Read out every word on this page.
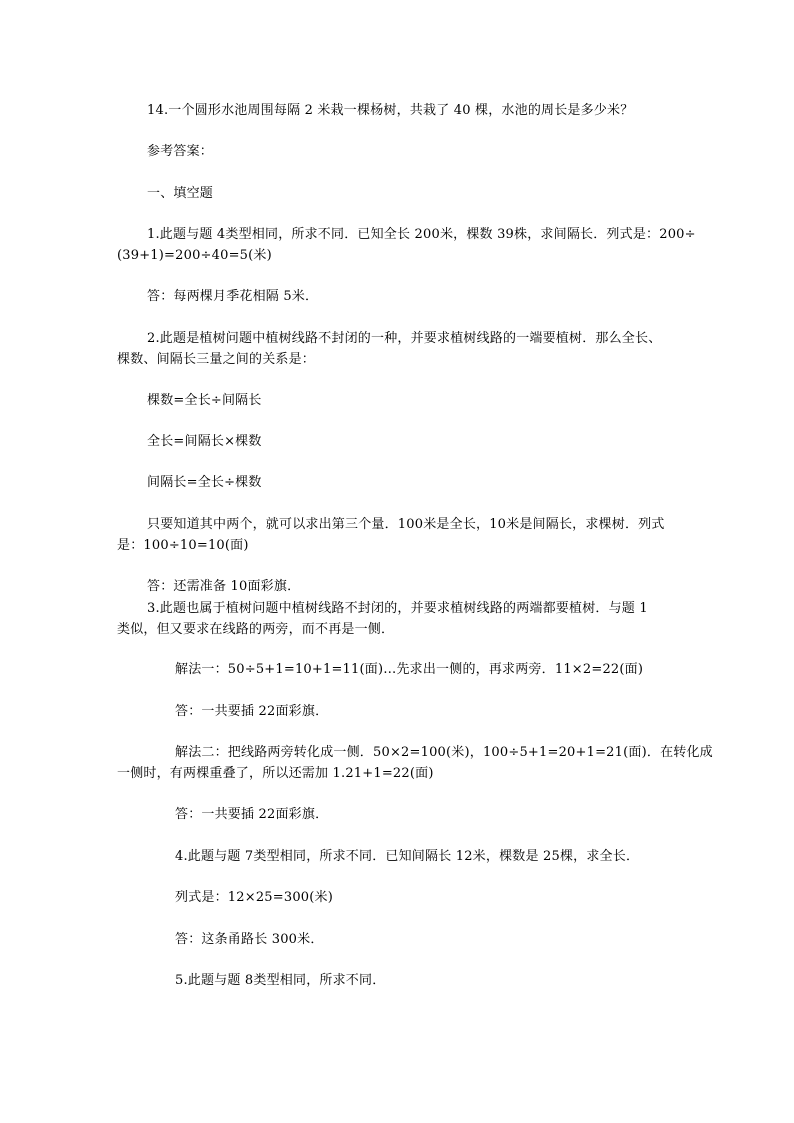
14.一个圆形水池周围每隔 2 米栽一棵杨树，共栽了 40 棵，水池的周长是多少米？
参考答案：
一、填空题
1.此题与题 4类型相同，所求不同．已知全长 200米，棵数 39株，求间隔长．列式是：200÷
(39+1)=200÷40=5(米)
答：每两棵月季花相隔 5米．
2.此题是植树问题中植树线路不封闭的一种，并要求植树线路的一端要植树．那么全长、
棵数、间隔长三量之间的关系是：
棵数=全长÷间隔长
全长=间隔长×棵数
间隔长=全长÷棵数
只要知道其中两个，就可以求出第三个量．100米是全长，10米是间隔长，求棵树．列式
是：100÷10=10(面)
答：还需准备 10面彩旗．
3.此题也属于植树问题中植树线路不封闭的，并要求植树线路的两端都要植树．与题 1
类似，但又要求在线路的两旁，而不再是一侧．
解法一：50÷5+1=10+1=11(面)…先求出一侧的，再求两旁．11×2=22(面)
答：一共要插 22面彩旗．
解法二：把线路两旁转化成一侧．50×2=100(米)，100÷5+1=20+1=21(面)．在转化成
一侧时，有两棵重叠了，所以还需加 1.21+1=22(面)
答：一共要插 22面彩旗．
4.此题与题 7类型相同，所求不同．已知间隔长 12米，棵数是 25棵，求全长．
列式是：12×25=300(米)
答：这条甬路长 300米．
5.此题与题 8类型相同，所求不同．
